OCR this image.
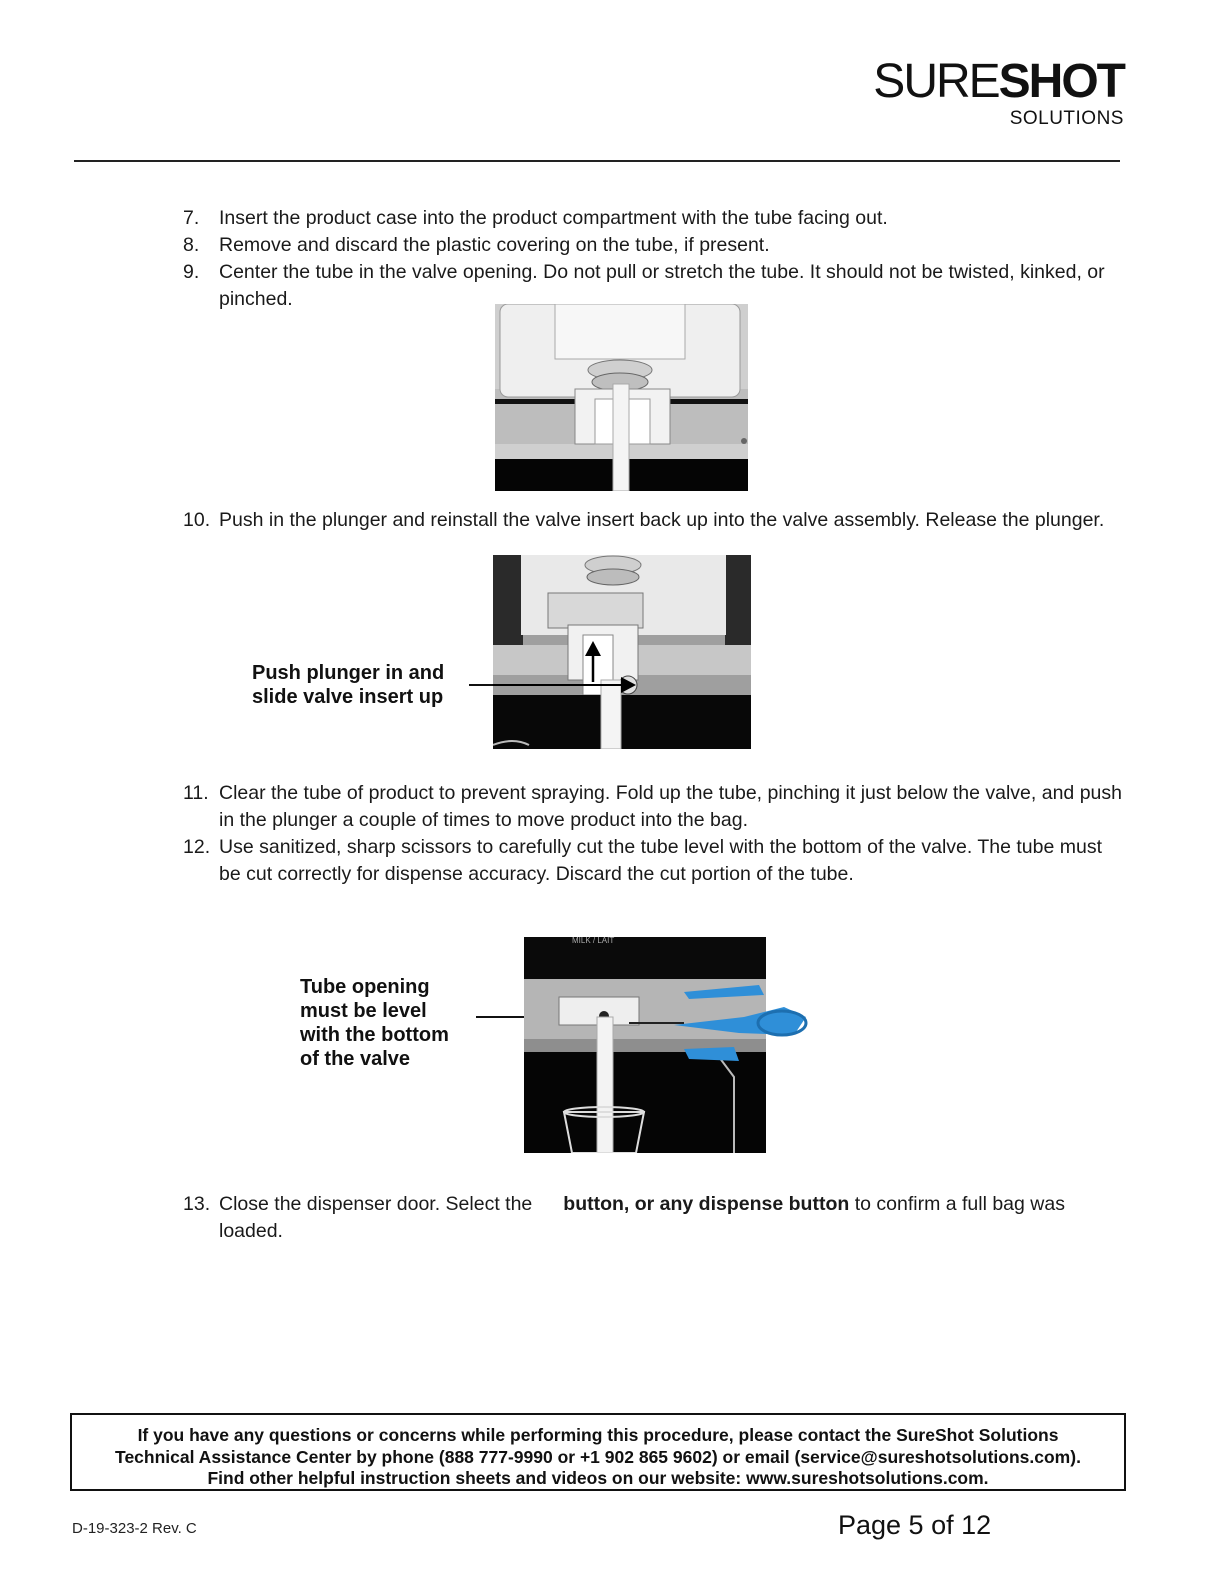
SURESHOT
SOLUTIONS
7.	Insert the product case into the product compartment with the tube facing out.
8.	Remove and discard the plastic covering on the tube, if present.
9.	Center the tube in the valve opening. Do not pull or stretch the tube. It should not be twisted, kinked, or pinched.
10. Push in the plunger and reinstall the valve insert back up into the valve assembly. Release the plunger.
Push plunger in and
slide valve insert up
11. Clear the tube of product to prevent spraying. Fold up the tube, pinching it just below the valve, and push in the plunger a couple of times to move product into the bag.
12. Use sanitized, sharp scissors to carefully cut the tube level with the bottom of the valve. The tube must be cut correctly for dispense accuracy. Discard the cut portion of the tube.
Tube opening
must be level
with the bottom
of the valve
MILK / LAIT
13. Close the dispenser door. Select the button, or any dispense button to confirm a full bag was loaded.
If you have any questions or concerns while performing this procedure, please contact the SureShot Solutions
Technical Assistance Center by phone (888 777-9990 or +1 902 865 9602) or email (service@sureshotsolutions.com).
Find other helpful instruction sheets and videos on our website: www.sureshotsolutions.com.
D-19-323-2 Rev. C	Page 5 of 12
